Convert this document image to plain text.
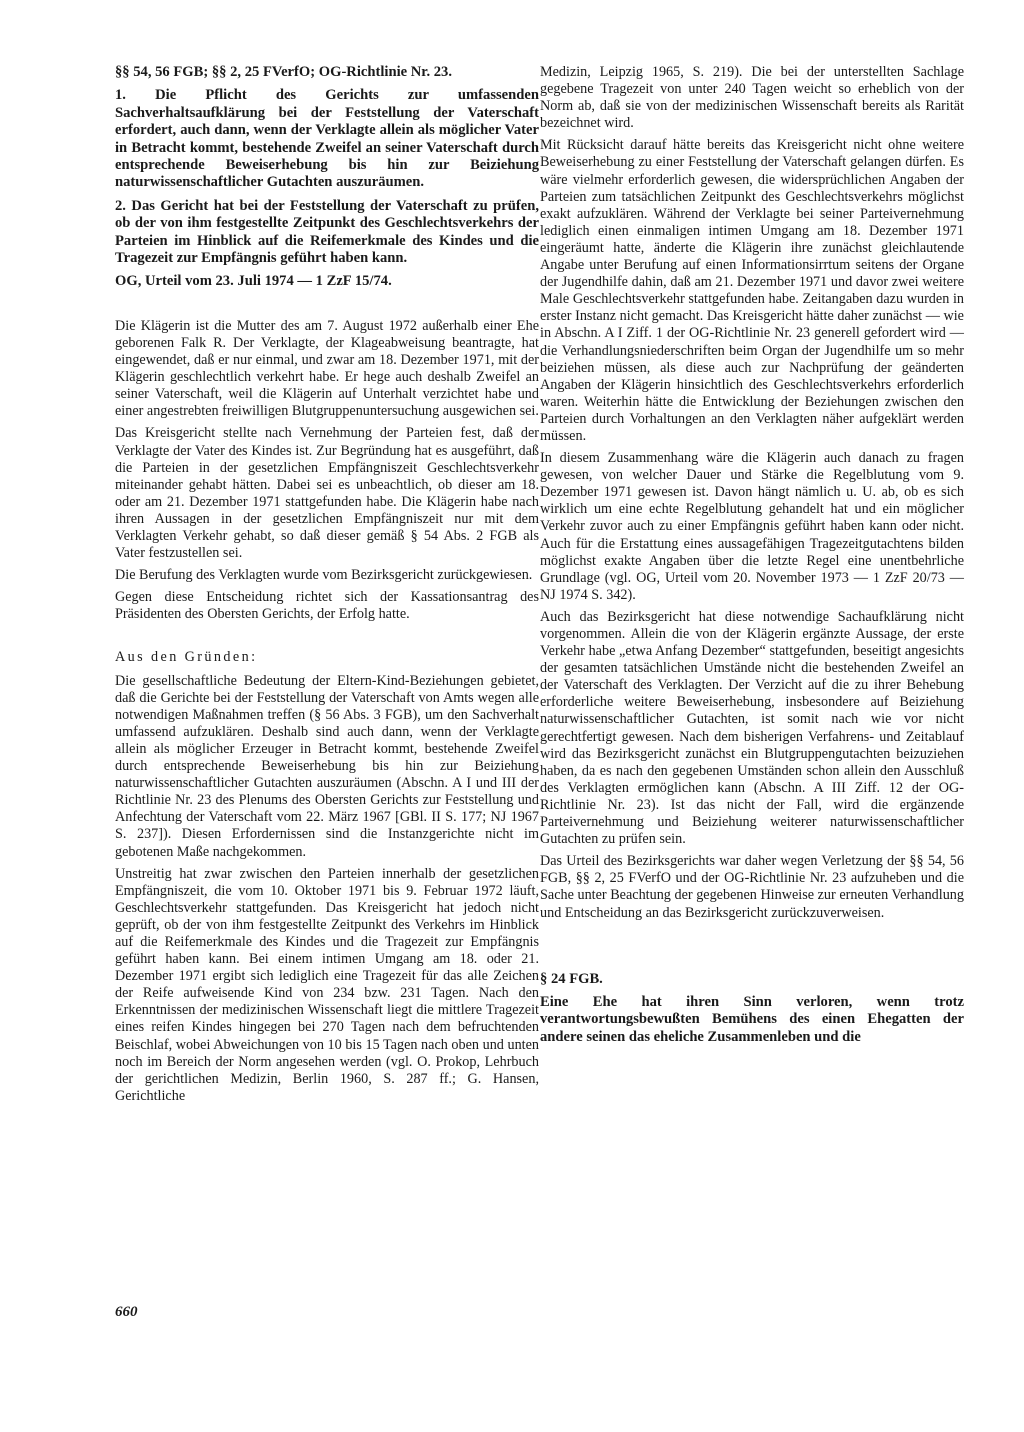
§§ 54, 56 FGB; §§ 2, 25 FVerfO; OG-Richtlinie Nr. 23.

1. Die Pflicht des Gerichts zur umfassenden Sachverhaltsaufklärung bei der Feststellung der Vaterschaft erfordert, auch dann, wenn der Verklagte allein als möglicher Vater in Betracht kommt, bestehende Zweifel an seiner Vaterschaft durch entsprechende Beweiserhebung bis hin zur Beiziehung naturwissenschaftlicher Gutachten auszuräumen.

2. Das Gericht hat bei der Feststellung der Vaterschaft zu prüfen, ob der von ihm festgestellte Zeitpunkt des Geschlechtsverkehrs der Parteien im Hinblick auf die Reifemerkmale des Kindes und die Tragezeit zur Empfängnis geführt haben kann.

OG, Urteil vom 23. Juli 1974 — 1 ZzF 15/74.

Die Klägerin ist die Mutter des am 7. August 1972 außerhalb einer Ehe geborenen Falk R. Der Verklagte, der Klageabweisung beantragte, hat eingewendet, daß er nur einmal, und zwar am 18. Dezember 1971, mit der Klägerin geschlechtlich verkehrt habe. Er hege auch deshalb Zweifel an seiner Vaterschaft, weil die Klägerin auf Unterhalt verzichtet habe und einer angestrebten freiwilligen Blutgruppenuntersuchung ausgewichen sei.

Das Kreisgericht stellte nach Vernehmung der Parteien fest, daß der Verklagte der Vater des Kindes ist. Zur Begründung hat es ausgeführt, daß die Parteien in der gesetzlichen Empfängniszeit Geschlechtsverkehr miteinander gehabt hätten. Dabei sei es unbeachtlich, ob dieser am 18. oder am 21. Dezember 1971 stattgefunden habe. Die Klägerin habe nach ihren Aussagen in der gesetzlichen Empfängniszeit nur mit dem Verklagten Verkehr gehabt, so daß dieser gemäß § 54 Abs. 2 FGB als Vater festzustellen sei.

Die Berufung des Verklagten wurde vom Bezirksgericht zurückgewiesen.

Gegen diese Entscheidung richtet sich der Kassationsantrag des Präsidenten des Obersten Gerichts, der Erfolg hatte.

Aus den Gründen:

Die gesellschaftliche Bedeutung der Eltern-Kind-Beziehungen gebietet, daß die Gerichte bei der Feststellung der Vaterschaft von Amts wegen alle notwendigen Maßnahmen treffen (§ 56 Abs. 3 FGB), um den Sachverhalt umfassend aufzuklären. Deshalb sind auch dann, wenn der Verklagte allein als möglicher Erzeuger in Betracht kommt, bestehende Zweifel durch entsprechende Beweiserhebung bis hin zur Beiziehung naturwissenschaftlicher Gutachten auszuräumen (Abschn. A I und III der Richtlinie Nr. 23 des Plenums des Obersten Gerichts zur Feststellung und Anfechtung der Vaterschaft vom 22. März 1967 [GBl. II S. 177; NJ 1967 S. 237]). Diesen Erfordernissen sind die Instanzgerichte nicht im gebotenen Maße nachgekommen.

Unstreitig hat zwar zwischen den Parteien innerhalb der gesetzlichen Empfängniszeit, die vom 10. Oktober 1971 bis 9. Februar 1972 läuft, Geschlechtsverkehr stattgefunden. Das Kreisgericht hat jedoch nicht geprüft, ob der von ihm festgestellte Zeitpunkt des Verkehrs im Hinblick auf die Reifemerkmale des Kindes und die Tragezeit zur Empfängnis geführt haben kann. Bei einem intimen Umgang am 18. oder 21. Dezember 1971 ergibt sich lediglich eine Tragezeit für das alle Zeichen der Reife aufweisende Kind von 234 bzw. 231 Tagen. Nach den Erkenntnissen der medizinischen Wissenschaft liegt die mittlere Tragezeit eines reifen Kindes hingegen bei 270 Tagen nach dem befruchtenden Beischlaf, wobei Abweichungen von 10 bis 15 Tagen nach oben und unten noch im Bereich der Norm angesehen werden (vgl. O. Prokop, Lehrbuch der gerichtlichen Medizin, Berlin 1960, S. 287 ff.; G. Hansen, Gerichtliche

Medizin, Leipzig 1965, S. 219). Die bei der unterstellten Sachlage gegebene Tragezeit von unter 240 Tagen weicht so erheblich von der Norm ab, daß sie von der medizinischen Wissenschaft bereits als Rarität bezeichnet wird.

Mit Rücksicht darauf hätte bereits das Kreisgericht nicht ohne weitere Beweiserhebung zu einer Feststellung der Vaterschaft gelangen dürfen. Es wäre vielmehr erforderlich gewesen, die widersprüchlichen Angaben der Parteien zum tatsächlichen Zeitpunkt des Geschlechtsverkehrs möglichst exakt aufzuklären. Während der Verklagte bei seiner Parteivernehmung lediglich einen einmaligen intimen Umgang am 18. Dezember 1971 eingeräumt hatte, änderte die Klägerin ihre zunächst gleichlautende Angabe unter Berufung auf einen Informationsirrtum seitens der Organe der Jugendhilfe dahin, daß am 21. Dezember 1971 und davor zwei weitere Male Geschlechtsverkehr stattgefunden habe. Zeitangaben dazu wurden in erster Instanz nicht gemacht. Das Kreisgericht hätte daher zunächst — wie in Abschn. A I Ziff. 1 der OG-Richtlinie Nr. 23 generell gefordert wird — die Verhandlungsniederschriften beim Organ der Jugendhilfe um so mehr beiziehen müssen, als diese auch zur Nachprüfung der geänderten Angaben der Klägerin hinsichtlich des Geschlechtsverkehrs erforderlich waren. Weiterhin hätte die Entwicklung der Beziehungen zwischen den Parteien durch Vorhaltungen an den Verklagten näher aufgeklärt werden müssen.

In diesem Zusammenhang wäre die Klägerin auch danach zu fragen gewesen, von welcher Dauer und Stärke die Regelblutung vom 9. Dezember 1971 gewesen ist. Davon hängt nämlich u. U. ab, ob es sich wirklich um eine echte Regelblutung gehandelt hat und ein möglicher Verkehr zuvor auch zu einer Empfängnis geführt haben kann oder nicht. Auch für die Erstattung eines aussagefähigen Tragezeitgutachtens bilden möglichst exakte Angaben über die letzte Regel eine unentbehrliche Grundlage (vgl. OG, Urteil vom 20. November 1973 — 1 ZzF 20/73 — NJ 1974 S. 342).

Auch das Bezirksgericht hat diese notwendige Sachaufklärung nicht vorgenommen. Allein die von der Klägerin ergänzte Aussage, der erste Verkehr habe „etwa Anfang Dezember“ stattgefunden, beseitigt angesichts der gesamten tatsächlichen Umstände nicht die bestehenden Zweifel an der Vaterschaft des Verklagten. Der Verzicht auf die zu ihrer Behebung erforderliche weitere Beweiserhebung, insbesondere auf Beiziehung naturwissenschaftlicher Gutachten, ist somit nach wie vor nicht gerechtfertigt gewesen. Nach dem bisherigen Verfahrens- und Zeitablauf wird das Bezirksgericht zunächst ein Blutgruppengutachten beizuziehen haben, da es nach den gegebenen Umständen schon allein den Ausschluß des Verklagten ermöglichen kann (Abschn. A III Ziff. 12 der OG-Richtlinie Nr. 23). Ist das nicht der Fall, wird die ergänzende Parteivernehmung und Beiziehung weiterer naturwissenschaftlicher Gutachten zu prüfen sein.

Das Urteil des Bezirksgerichts war daher wegen Verletzung der §§ 54, 56 FGB, §§ 2, 25 FVerfO und der OG-Richtlinie Nr. 23 aufzuheben und die Sache unter Beachtung der gegebenen Hinweise zur erneuten Verhandlung und Entscheidung an das Bezirksgericht zurückzuverweisen.

§ 24 FGB.

Eine Ehe hat ihren Sinn verloren, wenn trotz verantwortungsbewußten Bemühens des einen Ehegatten der andere seinen das eheliche Zusammenleben und die

660
